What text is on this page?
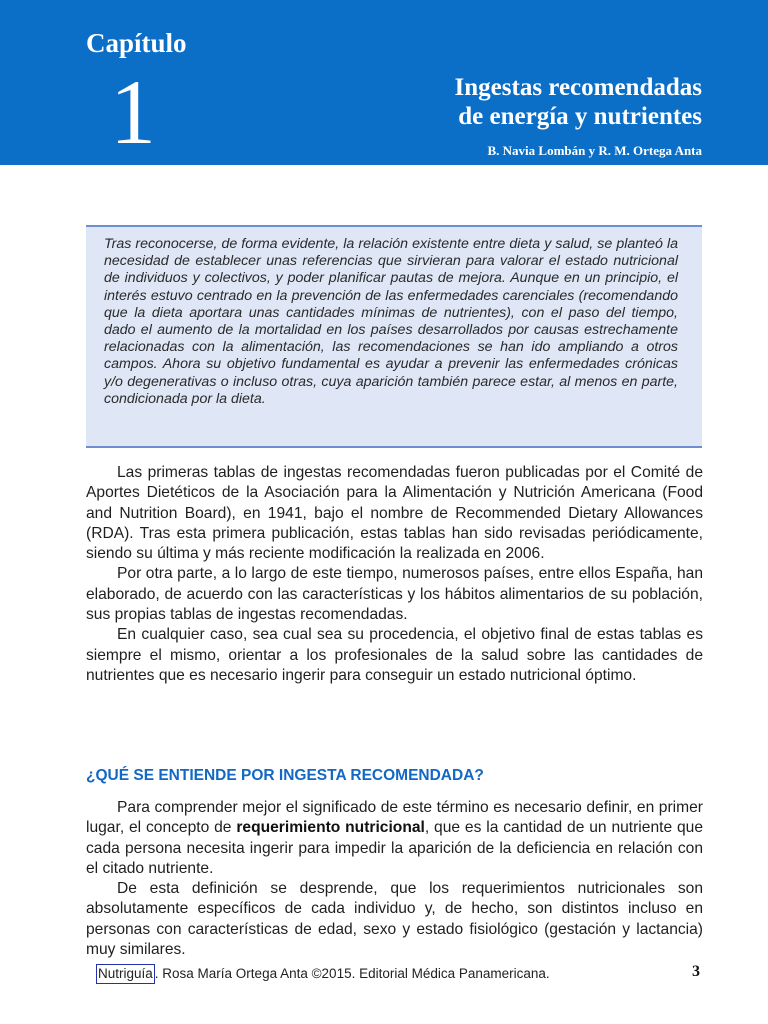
Capítulo
1	Ingestas recomendadas
de energía y nutrientes
B. Navia Lombán y R. M. Ortega Anta
Tras reconocerse, de forma evidente, la relación existente entre dieta y salud, se planteó la necesidad de establecer unas referencias que sirvieran para valorar el estado nutricional de individuos y colectivos, y poder planificar pautas de mejora. Aunque en un principio, el interés estuvo centrado en la prevención de las enfermedades carenciales (recomendando que la dieta aportara unas cantidades mínimas de nutrientes), con el paso del tiempo, dado el aumento de la mortalidad en los países desarrollados por causas estrechamente relacionadas con la alimentación, las recomendaciones se han ido ampliando a otros campos. Ahora su objetivo fundamental es ayudar a prevenir las enfermedades crónicas y/o degenerativas o incluso otras, cuya aparición también parece estar, al menos en parte, condicionada por la dieta.

Las primeras tablas de ingestas recomendadas fueron publicadas por el Comité de Aportes Dietéticos de la Asociación para la Alimentación y Nutrición Americana (Food and Nutrition Board), en 1941, bajo el nombre de Recommended Dietary Allowances (RDA). Tras esta primera publicación, estas tablas han sido revisadas periódicamente, siendo su última y más reciente modificación la realizada en 2006.

Por otra parte, a lo largo de este tiempo, numerosos países, entre ellos España, han elaborado, de acuerdo con las características y los hábitos alimentarios de su población, sus propias tablas de ingestas recomendadas.

En cualquier caso, sea cual sea su procedencia, el objetivo final de estas tablas es siempre el mismo, orientar a los profesionales de la salud sobre las cantidades de nutrientes que es necesario ingerir para conseguir un estado nutricional óptimo.

¿QUÉ SE ENTIENDE POR INGESTA RECOMENDADA?

Para comprender mejor el significado de este término es necesario definir, en primer lugar, el concepto de requerimiento nutricional, que es la cantidad de un nutriente que cada persona necesita ingerir para impedir la aparición de la deficiencia en relación con el citado nutriente.

De esta definición se desprende, que los requerimientos nutricionales son absolutamente específicos de cada individuo y, de hecho, son distintos incluso en personas con características de edad, sexo y estado fisiológico (gestación y lactancia) muy similares.

Nutriguía . Rosa María Ortega Anta ©2015. Editorial Médica Panamericana.	3
